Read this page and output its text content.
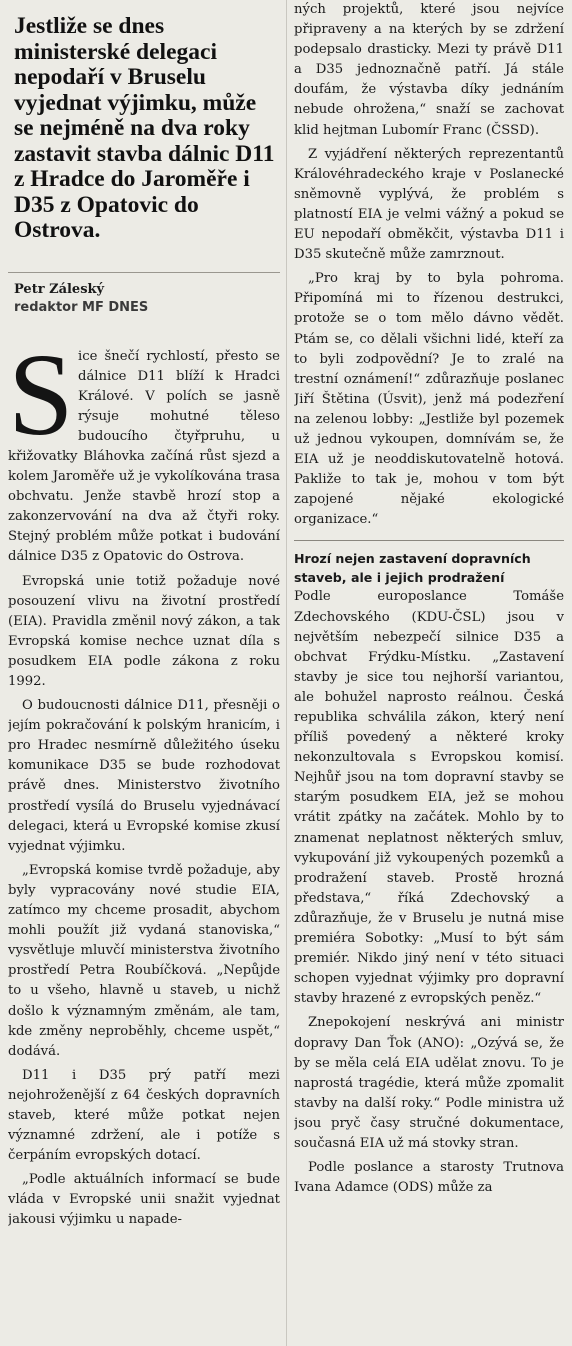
Jestliže se dnes ministerské delegaci nepodaří v Bruselu vyjednat výjimku, může se nejméně na dva roky zastavit stavba dálnic D11 z Hradce do Jaroměře i D35 z Opatovic do Ostrova.
Petr Záleský
redaktor MF DNES
S ice šnečí rychlostí, přesto se dálnice D11 blíží k Hradci Králové. V polích se jasně rýsuje mohutné těleso budoucího čtyřpruhu, u křižovatky Bláhovka začíná růst sjezd a kolem Jaroměře už je vykolíkována trasa obchvatu. Jenže stavbě hrozí stop a zakonzervování na dva až čtyři roky. Stejný problém může potkat i budování dálnice D35 z Opatovic do Ostrova.

Evropská unie totiž požaduje nové posouzení vlivu na životní prostředí (EIA). Pravidla změnil nový zákon, a tak Evropská komise nechce uznat díla s posudkem EIA podle zákona z roku 1992.

O budoucnosti dálnice D11, přesněji o jejím pokračování k polským hranicím, i pro Hradec nesmírně důležitého úseku komunikace D35 se bude rozhodovat právě dnes. Ministerstvo životního prostředí vysílá do Bruselu vyjednávací delegaci, která u Evropské komise zkusí vyjednat výjimku.

„Evropská komise tvrdě požaduje, aby byly vypracovány nové studie EIA, zatímco my chceme prosadit, abychom mohli použít již vydaná stanoviska,“ vysvětluje mluvčí ministerstva životního prostředí Petra Roubíčková. „Nepůjde to u všeho, hlavně u staveb, u nichž došlo k významným změnám, ale tam, kde změny neproběhly, chceme uspět,“ dodává.

D11 i D35 prý patří mezi nejohroženější z 64 českých dopravních staveb, které může potkat nejen významné zdržení, ale i potíže s čerpáním evropských dotací.

„Podle aktuálních informací se bude vláda v Evropské unii snažit vyjednat jakousi výjimku u napade-

ných projektů, které jsou nejvíce připraveny a na kterých by se zdržení podepsalo drasticky. Mezi ty právě D11 a D35 jednoznačně patří. Já stále doufám, že výstavba díky jednáním nebude ohrožena,“ snaží se zachovat klid hejtman Lubomír Franc (ČSSD).

Z vyjádření některých reprezentantů Královéhradeckého kraje v Poslanecké sněmovně vyplývá, že problém s platností EIA je velmi vážný a pokud se EU nepodaří obměkčit, výstavba D11 i D35 skutečně může zamrznout.

„Pro kraj by to byla pohroma. Připomíná mi to řízenou destrukci, protože se o tom mělo dávno vědět. Ptám se, co dělali všichni lidé, kteří za to byli zodpovědní? Je to zralé na trestní oznámení!“ zdůrazňuje poslanec Jiří Štětina (Úsvit), jenž má podezření na zelenou lobby: „Jestliže byl pozemek už jednou vykoupen, domnívám se, že EIA už je neoddiskutovatelně hotová. Pakliže to tak je, mohou v tom být zapojené nějaké ekologické organizace.“

Hrozí nejen zastavení dopravních staveb, ale i jejich prodražení

Podle europoslance Tomáše Zdechovského (KDU-ČSL) jsou v největším nebezpečí silnice D35 a obchvat Frýdku-Místku. „Zastavení stavby je sice tou nejhorší variantou, ale bohužel naprosto reálnou. Česká republika schválila zákon, který není příliš povedený a některé kroky nekonzultovala s Evropskou komisí. Nejhůř jsou na tom dopravní stavby se starým posudkem EIA, jež se mohou vrátit zpátky na začátek. Mohlo by to znamenat neplatnost některých smluv, vykupování již vykoupených pozemků a prodražení staveb. Prostě hrozná představa,“ říká Zdechovský a zdůrazňuje, že v Bruselu je nutná mise premiéra Sobotky: „Musí to být sám premiér. Nikdo jiný není v této situaci schopen vyjednat výjimky pro dopravní stavby hrazené z evropských peněz.“

Znepokojení neskrývá ani ministr dopravy Dan Ťok (ANO): „Ozývá se, že by se měla celá EIA udělat znovu. To je naprostá tragédie, která může zpomalit stavby na další roky.“ Podle ministra už jsou pryč časy stručné dokumentace, současná EIA už má stovky stran.

Podle poslance a starosty Trutnova Ivana Adamce (ODS) může za
